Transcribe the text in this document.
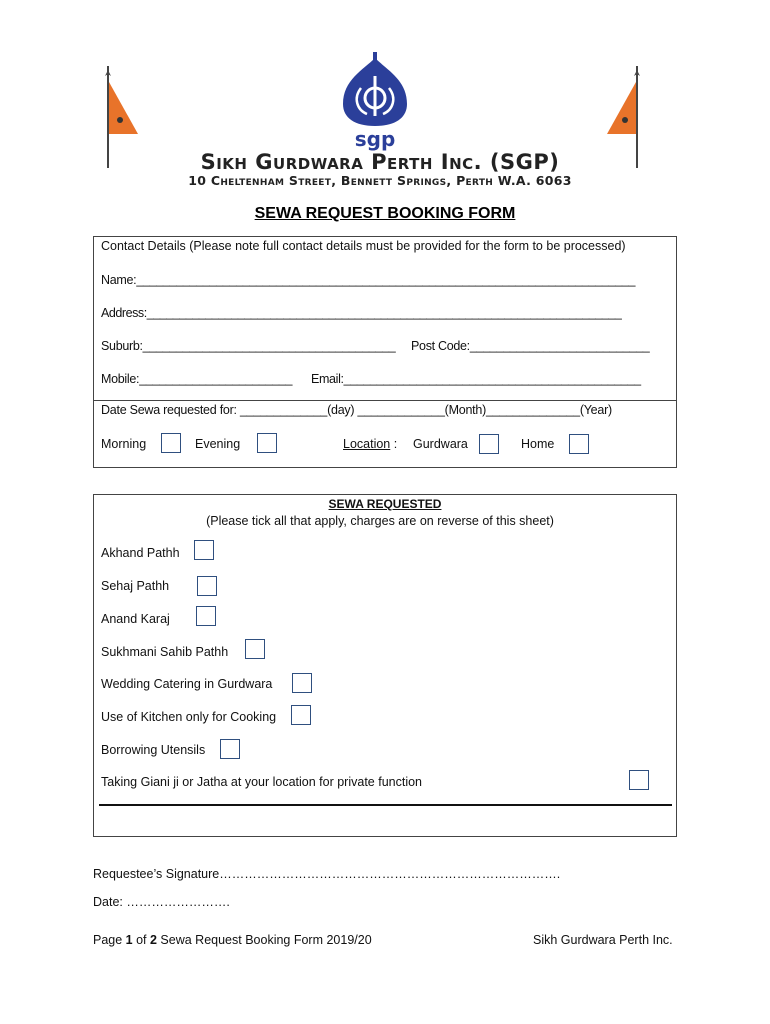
sgp
Sikh Gurdwara Perth Inc. (SGP)
10 Cheltenham Street, Bennett Springs, Perth W.A. 6063
SEWA REQUEST BOOKING FORM
Contact Details (Please note full contact details must be provided for the form to be processed)
Name:___________________________________________________________________________
Address:_________________________________________________________________________
Suburb:______________________________________ Post Code:___________________________
Mobile:_______________________ Email:_____________________________________________
Date Sewa requested for: _____________(day) _____________(Month)______________(Year)
Morning	Evening	Location : Gurdwara	Home
SEWA REQUESTED
(Please tick all that apply, charges are on reverse of this sheet)
Akhand Pathh
Sehaj Pathh
Anand Karaj
Sukhmani Sahib Pathh
Wedding Catering in Gurdwara
Use of Kitchen only for Cooking
Borrowing Utensils
Taking Giani ji or Jatha at your location for private function
Requestee’s Signature……………………………………………………………………….
Date: …………………….
Page 1 of 2 Sewa Request Booking Form 2019/20	Sikh Gurdwara Perth Inc.
